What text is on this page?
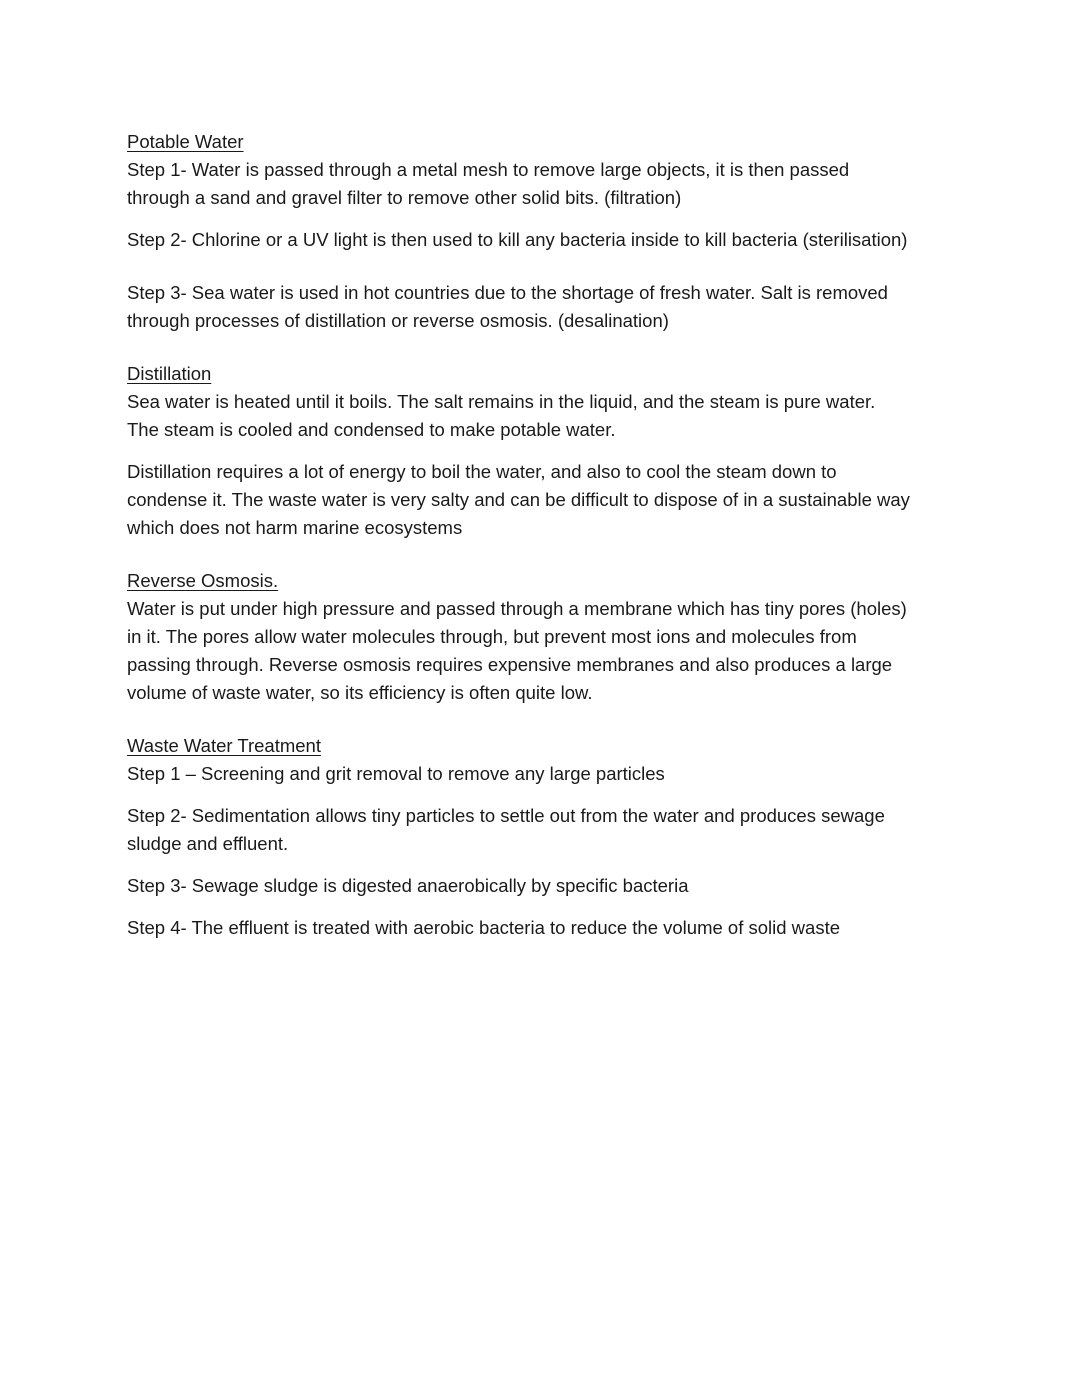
Potable Water

Step 1- Water is passed through a metal mesh to remove large objects, it is then passed

through a sand and gravel filter to remove other solid bits. (filtration)

Step 2- Chlorine or a UV light is then used to kill any bacteria inside to kill bacteria (sterilisation)

Step 3- Sea water is used in hot countries due to the shortage of fresh water. Salt is removed

through processes of distillation or reverse osmosis. (desalination)

Distillation

Sea water is heated until it boils. The salt remains in the liquid, and the steam is pure water.

The steam is cooled and condensed to make potable water.

Distillation requires a lot of energy to boil the water, and also to cool the steam down to

condense it. The waste water is very salty and can be difficult to dispose of in a sustainable way

which does not harm marine ecosystems

Reverse Osmosis.

Water is put under high pressure and passed through a membrane which has tiny pores (holes)

in it. The pores allow water molecules through, but prevent most ions and molecules from

passing through. Reverse osmosis requires expensive membranes and also produces a large

volume of waste water, so its efficiency is often quite low.

Waste Water Treatment

Step 1 – Screening and grit removal to remove any large particles

Step 2- Sedimentation allows tiny particles to settle out from the water and produces sewage

sludge and effluent.

Step 3- Sewage sludge is digested anaerobically by specific bacteria

Step 4- The effluent is treated with aerobic bacteria to reduce the volume of solid waste
